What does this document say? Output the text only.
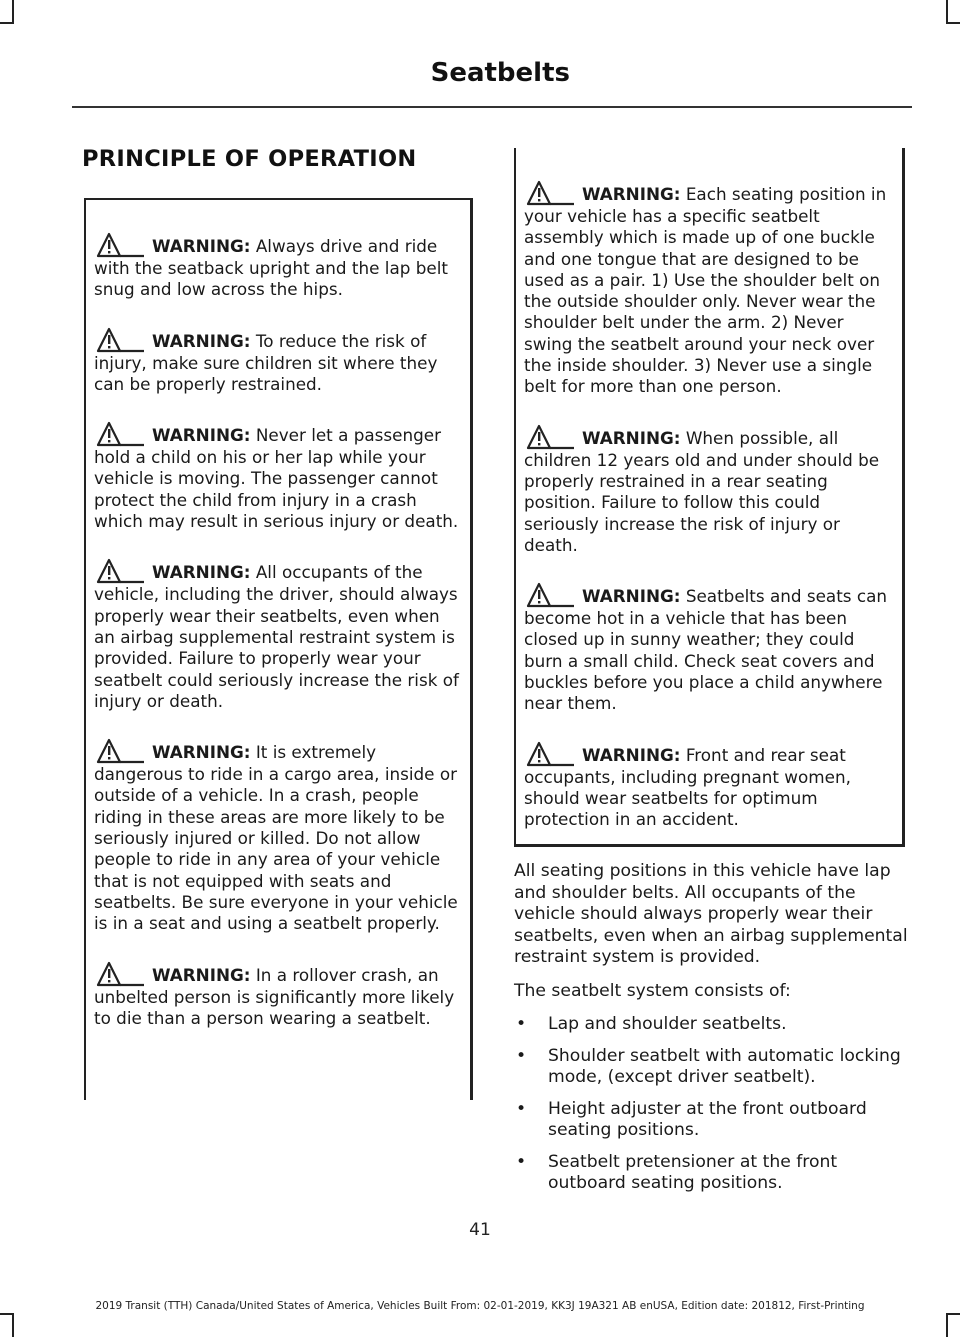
Seatbelts
PRINCIPLE OF OPERATION

WARNING: Always drive and ride with the seatback upright and the lap belt snug and low across the hips.

WARNING: To reduce the risk of injury, make sure children sit where they can be properly restrained.

WARNING: Never let a passenger hold a child on his or her lap while your vehicle is moving. The passenger cannot protect the child from injury in a crash which may result in serious injury or death.

WARNING: All occupants of the vehicle, including the driver, should always properly wear their seatbelts, even when an airbag supplemental restraint system is provided. Failure to properly wear your seatbelt could seriously increase the risk of injury or death.

WARNING: It is extremely dangerous to ride in a cargo area, inside or outside of a vehicle. In a crash, people riding in these areas are more likely to be seriously injured or killed. Do not allow people to ride in any area of your vehicle that is not equipped with seats and seatbelts. Be sure everyone in your vehicle is in a seat and using a seatbelt properly.

WARNING: In a rollover crash, an unbelted person is significantly more likely to die than a person wearing a seatbelt.

WARNING: Each seating position in your vehicle has a specific seatbelt assembly which is made up of one buckle and one tongue that are designed to be used as a pair. 1) Use the shoulder belt on the outside shoulder only. Never wear the shoulder belt under the arm. 2) Never swing the seatbelt around your neck over the inside shoulder. 3) Never use a single belt for more than one person.

WARNING: When possible, all children 12 years old and under should be properly restrained in a rear seating position. Failure to follow this could seriously increase the risk of injury or death.

WARNING: Seatbelts and seats can become hot in a vehicle that has been closed up in sunny weather; they could burn a small child. Check seat covers and buckles before you place a child anywhere near them.

WARNING: Front and rear seat occupants, including pregnant women, should wear seatbelts for optimum protection in an accident.

All seating positions in this vehicle have lap and shoulder belts. All occupants of the vehicle should always properly wear their seatbelts, even when an airbag supplemental restraint system is provided.

The seatbelt system consists of:

• Lap and shoulder seatbelts.
• Shoulder seatbelt with automatic locking mode, (except driver seatbelt).
• Height adjuster at the front outboard seating positions.
• Seatbelt pretensioner at the front outboard seating positions.
41
2019 Transit (TTH) Canada/United States of America, Vehicles Built From: 02-01-2019, KK3J 19A321 AB enUSA, Edition date: 201812, First-Printing
